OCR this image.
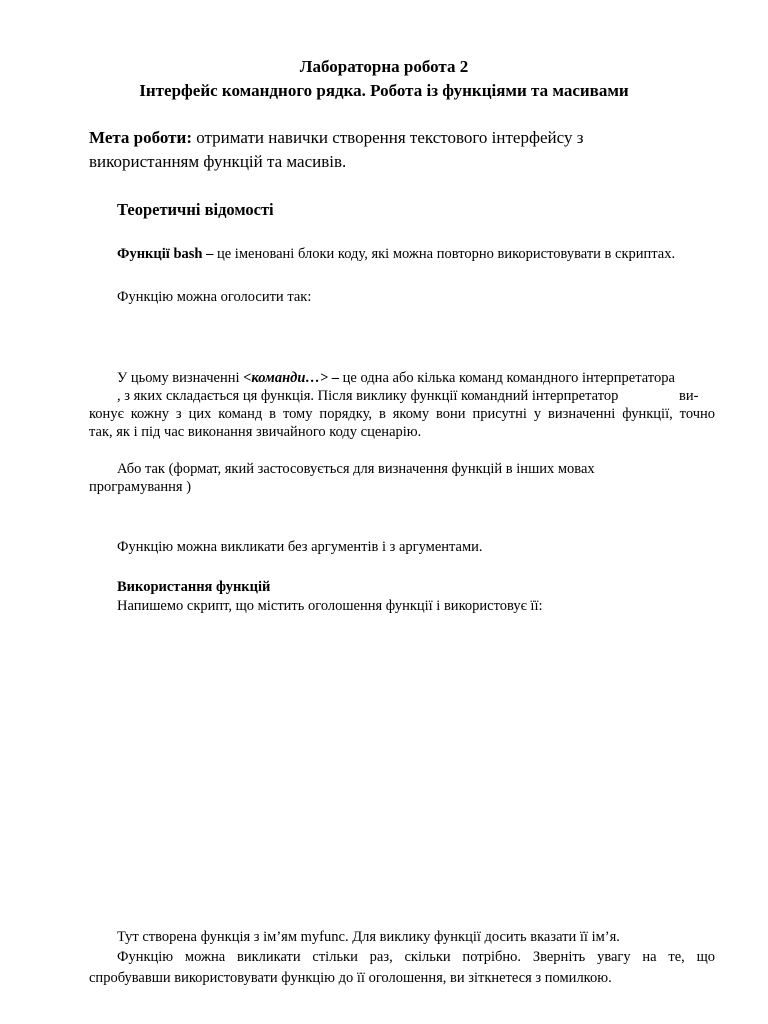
Лабораторна робота 2
Інтерфейс командного рядка. Робота із функціями та масивами
Мета роботи: отримати навички створення текстового інтерфейсу з
використанням функцій та масивів.
Теоретичні відомості
Функції bash – це іменовані блоки коду, які можна повторно використовувати в скриптах.
Функцію можна оголосити так:
У цьому визначенні <команди…> – це одна або кілька команд командного інтерпретатора
, з яких складається ця функція. Після виклику функції командний інтерпретатор	ви-
конує кожну з цих команд в тому порядку, в якому вони присутні у визначенні функції, точно
так, як і під час виконання звичайного коду сценарію.
Або так (формат, який застосовується для визначення функцій в інших мовах
програмування )
Функцію можна викликати без аргументів і з аргументами.
Використання функцій
Напишемо скрипт, що містить оголошення функції і використовує її:
Тут створена функція з ім’ям myfunc. Для виклику функції досить вказати її ім’я.
Функцію можна викликати стільки раз, скільки потрібно. Зверніть увагу на те, що
спробувавши використовувати функцію до її оголошення, ви зіткнетеся з помилкою.
